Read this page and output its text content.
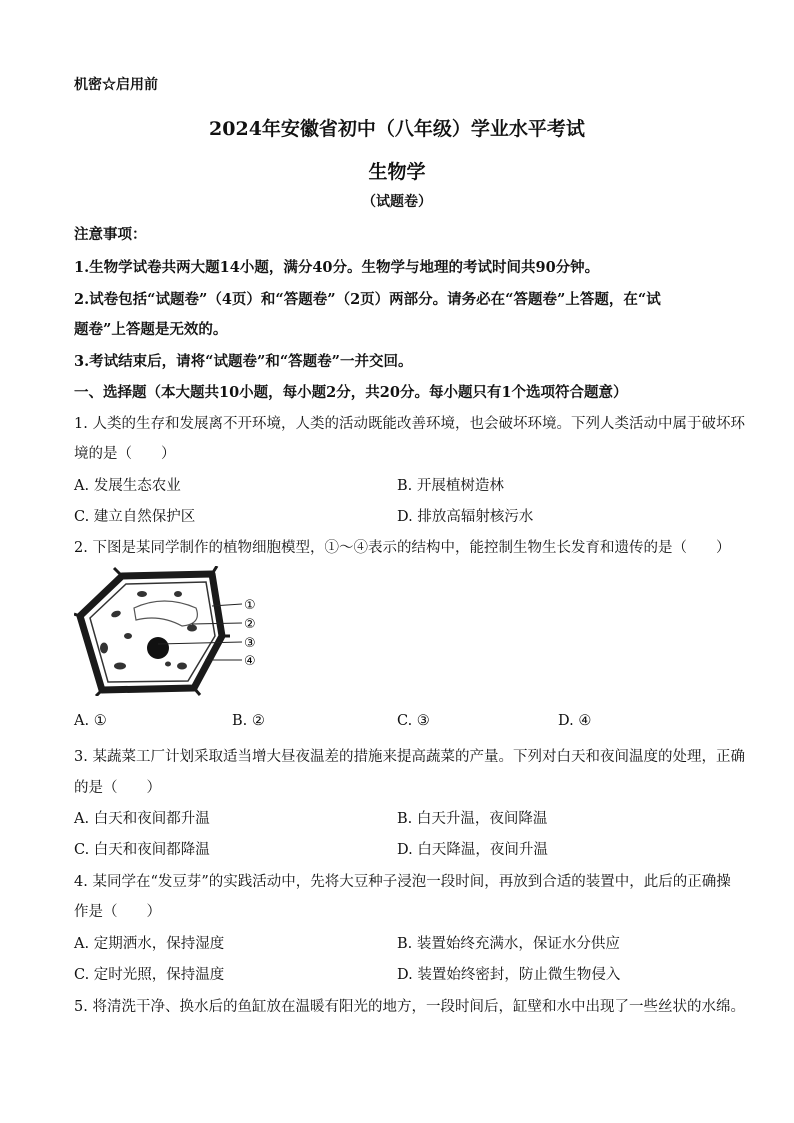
机密☆启用前
2024年安徽省初中（八年级）学业水平考试
生物学
（试题卷）
注意事项：
1.生物学试卷共两大题14小题，满分40分。生物学与地理的考试时间共90分钟。
2.试卷包括“试题卷”（4页）和“答题卷”（2页）两部分。请务必在“答题卷”上答题，在“试
题卷”上答题是无效的。
3.考试结束后，请将“试题卷”和“答题卷”一并交回。
一、选择题（本大题共10小题，每小题2分，共20分。每小题只有1个选项符合题意）
1. 人类的生存和发展离不开环境，人类的活动既能改善环境，也会破坏环境。下列人类活动中属于破坏环
境的是（　　）
A. 发展生态农业	B. 开展植树造林
C. 建立自然保护区	D. 排放高辐射核污水
2. 下图是某同学制作的植物细胞模型，①～④表示的结构中，能控制生物生长发育和遗传的是（　　）
①
②
③
④
A. ①	B. ②	C. ③	D. ④
3. 某蔬菜工厂计划采取适当增大昼夜温差的措施来提高蔬菜的产量。下列对白天和夜间温度的处理，正确
的是（　　）
A. 白天和夜间都升温	B. 白天升温，夜间降温
C. 白天和夜间都降温	D. 白天降温，夜间升温
4. 某同学在“发豆芽”的实践活动中，先将大豆种子浸泡一段时间，再放到合适的装置中，此后的正确操
作是（　　）
A. 定期洒水，保持湿度	B. 装置始终充满水，保证水分供应
C. 定时光照，保持温度	D. 装置始终密封，防止微生物侵入
5. 将清洗干净、换水后的鱼缸放在温暖有阳光的地方，一段时间后，缸壁和水中出现了一些丝状的水绵。
